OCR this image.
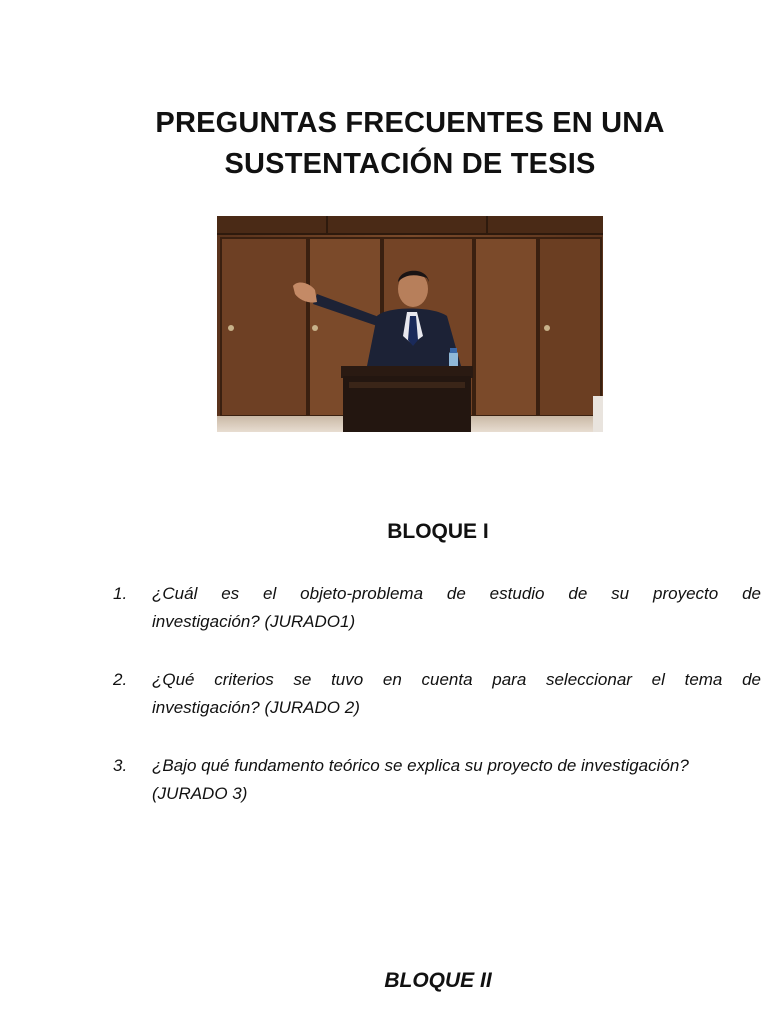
PREGUNTAS FRECUENTES EN UNA
SUSTENTACIÓN DE TESIS
BLOQUE I
1. ¿Cuál es el objeto-problema de estudio de su proyecto de
investigación? (JURADO1)
2. ¿Qué criterios se tuvo en cuenta para seleccionar el tema de
investigación? (JURADO 2)
3. ¿Bajo qué fundamento teórico se explica su proyecto de investigación?
(JURADO 3)
BLOQUE II
